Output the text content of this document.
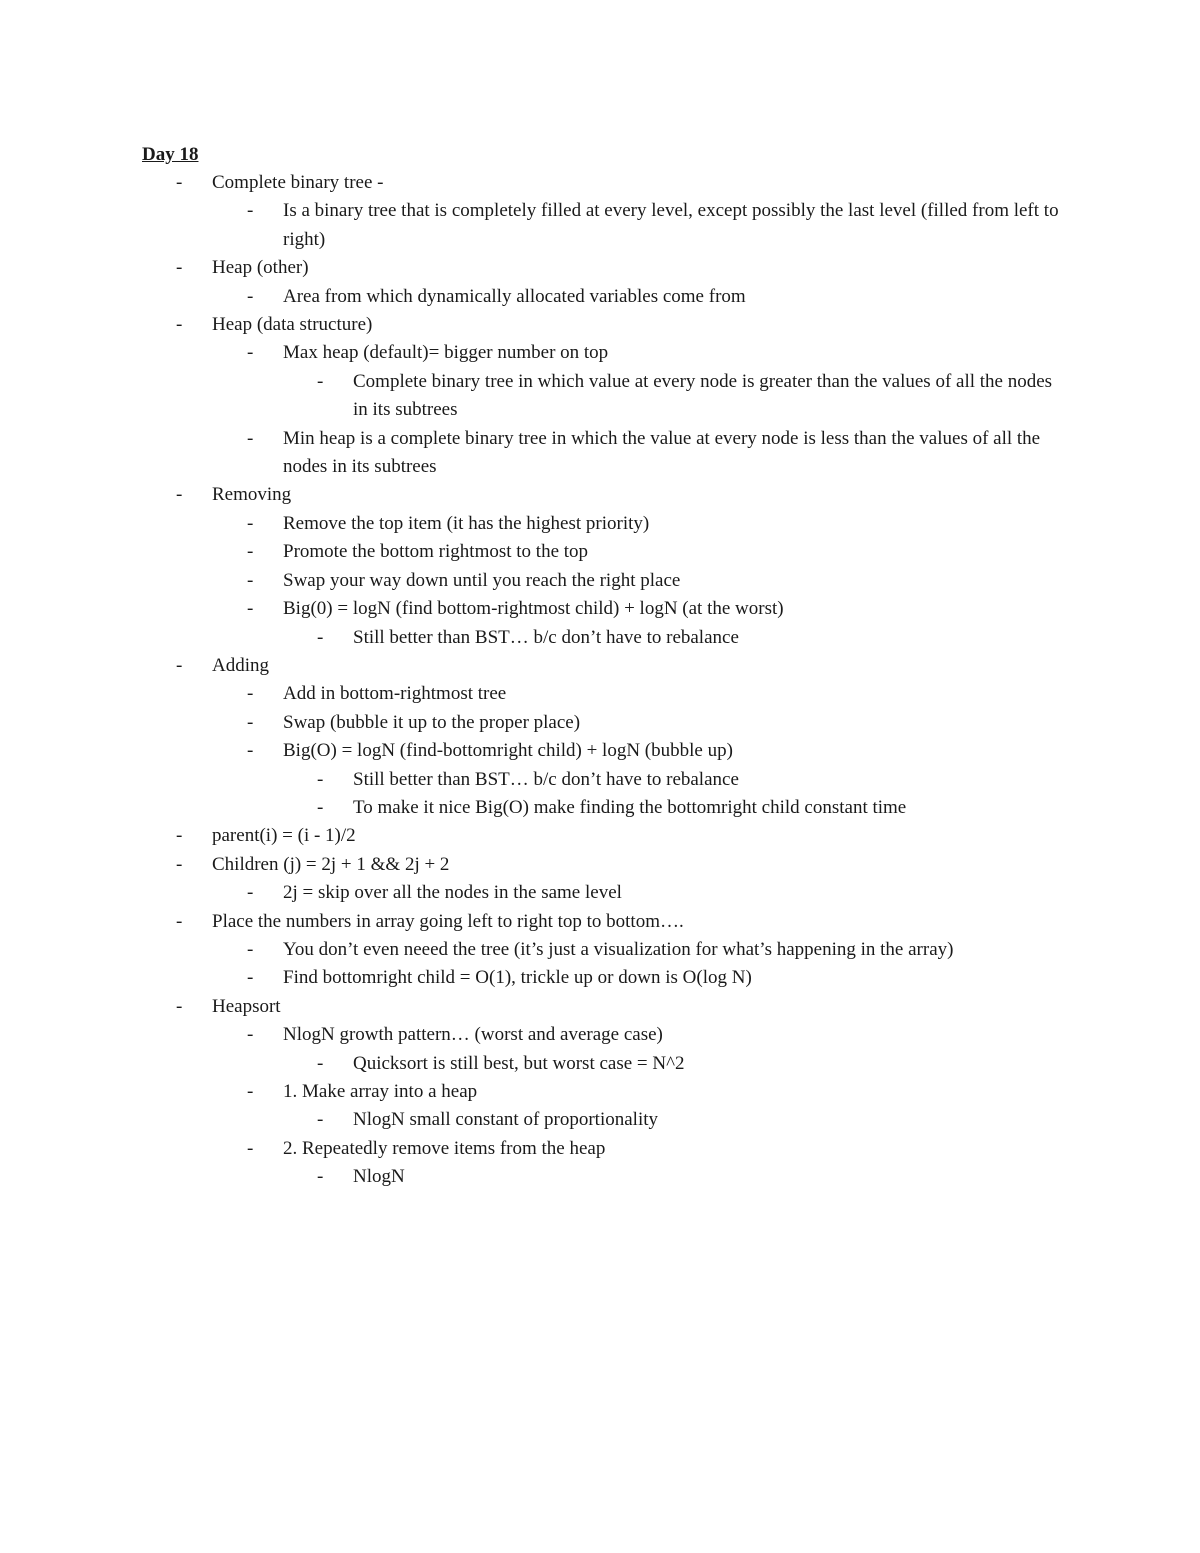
Day 18
-	Complete binary tree -
-	Is a binary tree that is completely filled at every level, except possibly the last level (filled from left to right)
-	Heap (other)
-	Area from which dynamically allocated variables come from
-	Heap (data structure)
-	Max heap (default)= bigger number on top
-	Complete binary tree in which value at every node is greater than the values of all the nodes in its subtrees
-	Min heap is a complete binary tree in which the value at every node is less than the values of all the nodes in its subtrees
-	Removing
-	Remove the top item (it has the highest priority)
-	Promote the bottom rightmost to the top
-	Swap your way down until you reach the right place
-	Big(0) = logN (find bottom-rightmost child) + logN (at the worst)
-	Still better than BST… b/c don’t have to rebalance
-	Adding
-	Add in bottom-rightmost tree
-	Swap (bubble it up to the proper place)
-	Big(O) = logN (find-bottomright child) + logN (bubble up)
-	Still better than BST… b/c don’t have to rebalance
-	To make it nice Big(O) make finding the bottomright child constant time
-	parent(i) = (i - 1)/2
-	Children (j) = 2j + 1 && 2j + 2
-	2j = skip over all the nodes in the same level
-	Place the numbers in array going left to right top to bottom….
-	You don’t even neeed the tree (it’s just a visualization for what’s happening in the array)
-	Find bottomright child = O(1), trickle up or down is O(log N)
-	Heapsort
-	NlogN growth pattern… (worst and average case)
-	Quicksort is still best, but worst case = N^2
-	1. Make array into a heap
-	NlogN small constant of proportionality
-	2. Repeatedly remove items from the heap
-	NlogN
